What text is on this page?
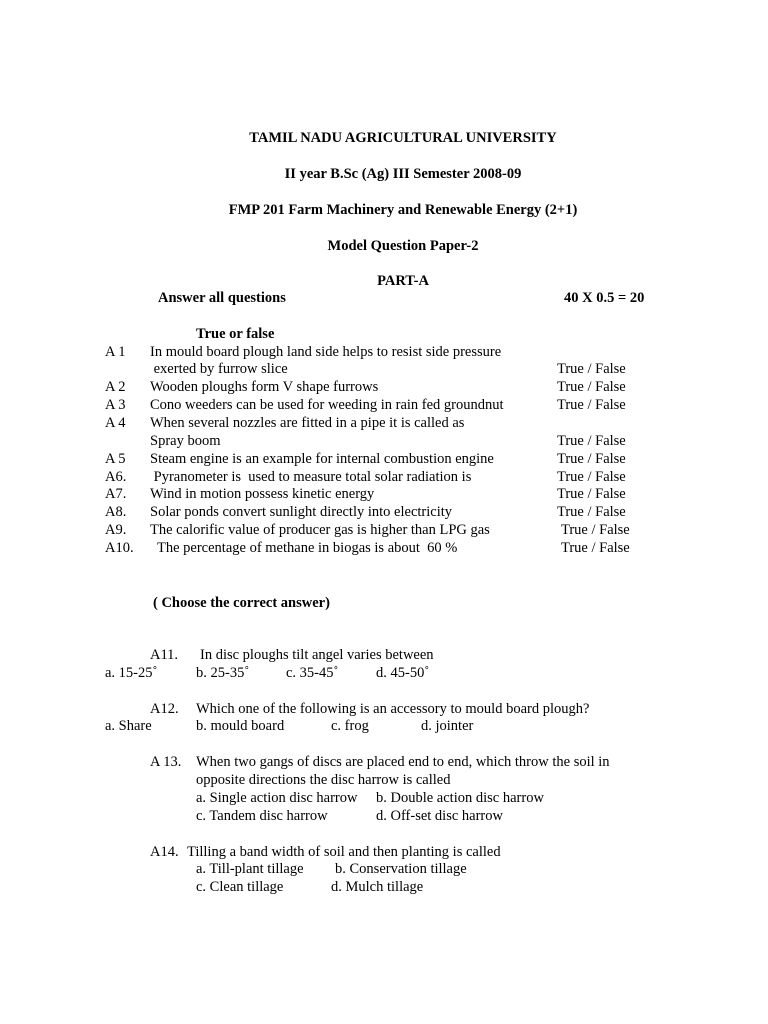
TAMIL NADU AGRICULTURAL UNIVERSITY
II year B.Sc (Ag) III Semester 2008-09
FMP 201 Farm Machinery and Renewable Energy (2+1)
Model Question Paper-2
PART-A
Answer all questions	40 X 0.5 = 20
True or false
A 1 In mould board plough land side helps to resist side pressure
exerted by furrow slice	True / False
A 2 Wooden ploughs form V shape furrows	True / False
A 3 Cono weeders can be used for weeding in rain fed groundnut	True / False
A 4 When several nozzles are fitted in a pipe it is called as
Spray boom	True / False
A 5 Steam engine is an example for internal combustion engine	True / False
A6. Pyranometer is  used to measure total solar radiation is	True / False
A7. Wind in motion possess kinetic energy	True / False
A8. Solar ponds convert sunlight directly into electricity	True / False
A9. The calorific value of producer gas is higher than LPG gas	True / False
A10. The percentage of methane in biogas is about  60 %	True / False
( Choose the correct answer)
A11. In disc ploughs tilt angel varies between
a. 15-25˚	b. 25-35˚	c. 35-45˚	d. 45-50˚
A12. Which one of the following is an accessory to mould board plough?
a. Share	b. mould board	c. frog	d. jointer
A 13. When two gangs of discs are placed end to end, which throw the soil in
opposite directions the disc harrow is called
a. Single action disc harrow b. Double action disc harrow
c. Tandem disc harrow	d. Off-set disc harrow
A14. Tilling a band width of soil and then planting is called
a. Till-plant tillage b. Conservation tillage
c. Clean tillage	d. Mulch tillage
